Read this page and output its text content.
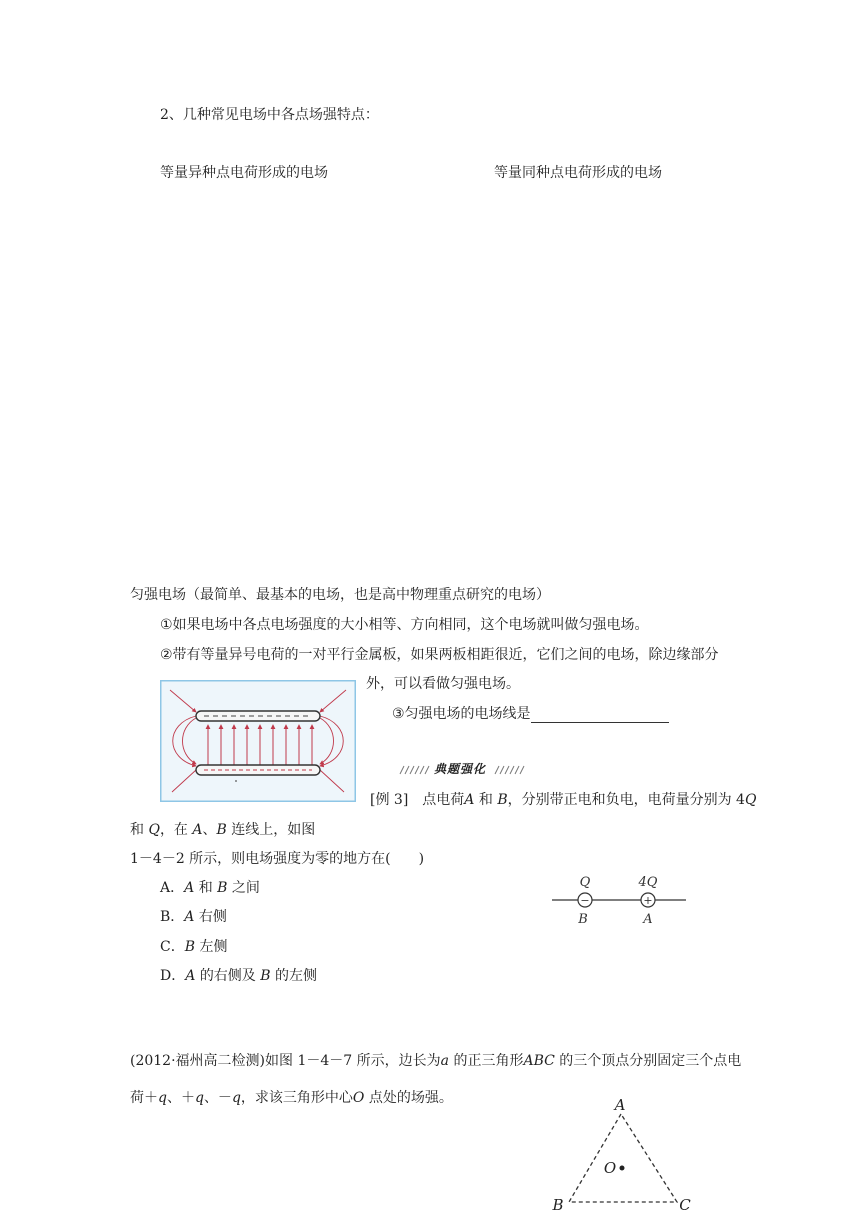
2、几种常见电场中各点场强特点：
等量异种点电荷形成的电场	等量同种点电荷形成的电场
匀强电场（最简单、最基本的电场，也是高中物理重点研究的电场）
①如果电场中各点电场强度的大小相等、方向相同，这个电场就叫做匀强电场。
②带有等量异号电荷的一对平行金属板，如果两板相距很近，它们之间的电场，除边缘部分
外，可以看做匀强电场。
③匀强电场的电场线是
典题强化
[例 3]　 点电荷A 和 B，分别带正电和负电，电荷量分别为 4Q
和 Q，在 A、B 连线上，如图
1－4－2 所示，则电场强度为零的地方在(　　)
A．A 和 B 之间
B．A 右侧
C．B 左侧
D．A 的右侧及 B 的左侧
−	+
Q	4Q
B	A
(2012·福州高二检测)如图 1－4－7 所示，边长为a 的正三角形ABC 的三个顶点分别固定三个点电
荷＋q、＋q、－q，求该三角形中心O 点处的场强。	A
B	C
O
